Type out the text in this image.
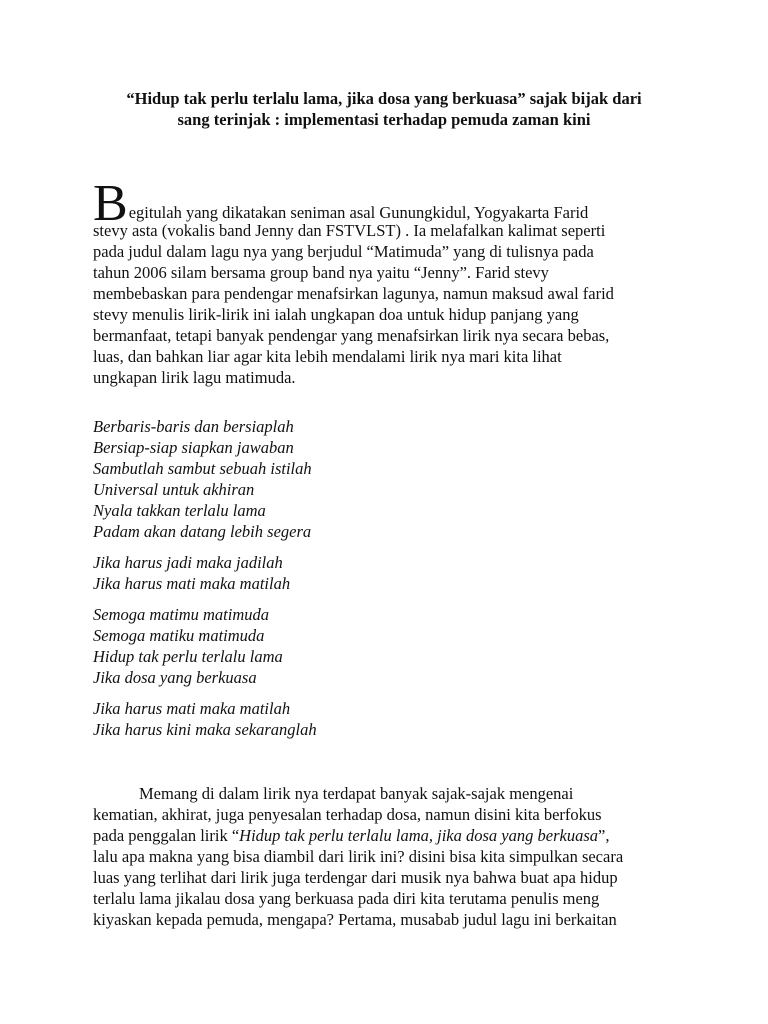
“Hidup tak perlu terlalu lama, jika dosa yang berkuasa” sajak bijak dari
sang terinjak : implementasi terhadap pemuda zaman kini

Begitulah yang dikatakan seniman asal Gunungkidul, Yogyakarta Farid
stevy asta (vokalis band Jenny dan FSTVLST) . Ia melafalkan kalimat seperti
pada judul dalam lagu nya yang berjudul “Matimuda” yang di tulisnya pada
tahun 2006 silam bersama group band nya yaitu “Jenny”. Farid stevy
membebaskan para pendengar menafsirkan lagunya, namun maksud awal farid
stevy menulis lirik-lirik ini ialah ungkapan doa untuk hidup panjang yang
bermanfaat, tetapi banyak pendengar yang menafsirkan lirik nya secara bebas,
luas, dan bahkan liar agar kita lebih mendalami lirik nya mari kita lihat
ungkapan lirik lagu matimuda.

Berbaris-baris dan bersiaplah
Bersiap-siap siapkan jawaban
Sambutlah sambut sebuah istilah
Universal untuk akhiran
Nyala takkan terlalu lama
Padam akan datang lebih segera
Jika harus jadi maka jadilah
Jika harus mati maka matilah
Semoga matimu matimuda
Semoga matiku matimuda
Hidup tak perlu terlalu lama
Jika dosa yang berkuasa
Jika harus mati maka matilah
Jika harus kini maka sekaranglah

Memang di dalam lirik nya terdapat banyak sajak-sajak mengenai
kematian, akhirat, juga penyesalan terhadap dosa, namun disini kita berfokus
pada penggalan lirik “Hidup tak perlu terlalu lama, jika dosa yang berkuasa”,
lalu apa makna yang bisa diambil dari lirik ini? disini bisa kita simpulkan secara
luas yang terlihat dari lirik juga terdengar dari musik nya bahwa buat apa hidup
terlalu lama jikalau dosa yang berkuasa pada diri kita terutama penulis meng
kiyaskan kepada pemuda, mengapa? Pertama, musabab judul lagu ini berkaitan
